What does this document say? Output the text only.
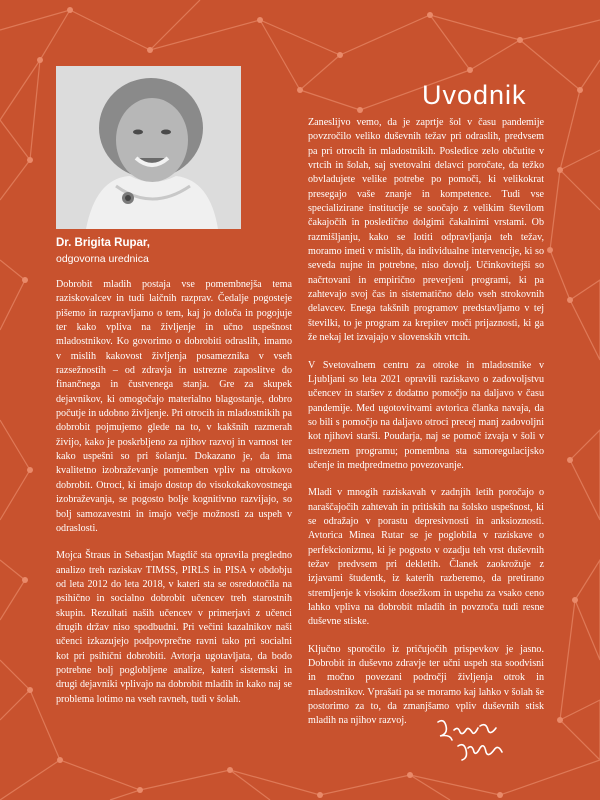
Dr. Brigita Rupar,
odgovorna urednica
Uvodnik

Dobrobit mladih postaja vse pomembnejša tema raziskovalcev in tudi laičnih razprav. Čedalje pogosteje pišemo in razpravljamo o tem, kaj jo določa in pogojuje ter kako vpliva na življenje in učno uspešnost mladostnikov. Ko govorimo o dobrobiti odraslih, imamo v mislih kakovost življenja posameznika v vseh razsežnostih – od zdravja in ustrezne zaposlitve do finančnega in čustvenega stanja. Gre za skupek dejavnikov, ki omogočajo materialno blagostanje, dobro počutje in udobno življenje. Pri otrocih in mladostnikih pa dobrobit pojmujemo glede na to, v kakšnih razmerah živijo, kako je poskrbljeno za njihov razvoj in varnost ter kako uspešni so pri šolanju. Dokazano je, da ima kvalitetno izobraževanje pomemben vpliv na otrokovo dobrobit. Otroci, ki imajo dostop do visokokakovostnega izobraževanja, se pogosto bolje kognitivno razvijajo, so bolj samozavestni in imajo večje možnosti za uspeh v odraslosti.

Mojca Štraus in Sebastjan Magdič sta opravila pregledno analizo treh raziskav TIMSS, PIRLS in PISA v obdobju od leta 2012 do leta 2018, v kateri sta se osredotočila na psihično in socialno dobrobit učencev treh starostnih skupin. Rezultati naših učencev v primerjavi z učenci drugih držav niso spodbudni. Pri večini kazalnikov naši učenci izkazujejo podpovprečne ravni tako pri socialni kot pri psihični dobrobiti. Avtorja ugotavljata, da bodo potrebne bolj poglobljene analize, kateri sistemski in drugi dejavniki vplivajo na dobrobit mladih in kako naj se problema lotimo na vseh ravneh, tudi v šolah.

Zaneslijvo vemo, da je zaprtje šol v času pandemije povzročilo veliko duševnih težav pri odraslih, predvsem pa pri otrocih in mladostnikih. Posledice zelo občutite v vrtcih in šolah, saj svetovalni delavci poročate, da težko obvladujete velike potrebe po pomoči, ki velikokrat presegajo vaše znanje in kompetence. Tudi vse specializirane institucije se soočajo z velikim številom čakajočih in posledično dolgimi čakalnimi vrstami. Ob razmišljanju, kako se lotiti odpravljanja teh težav, moramo imeti v mislih, da individualne intervencije, ki so seveda nujne in potrebne, niso dovolj. Učinkovitejši so načrtovani in empirično preverjeni programi, ki pa zahtevajo svoj čas in sistematično delo vseh strokovnih delavcev. Enega takšnih programov predstavljamo v tej številki, to je program za krepitev moči prijaznosti, ki ga že nekaj let izvajajo v slovenskih vrtcih.

V Svetovalnem centru za otroke in mladostnike v Ljubljani so leta 2021 opravili raziskavo o zadovoljstvu učencev in staršev z dodatno pomočjo na daljavo v času pandemije. Med ugotovitvami avtorica članka navaja, da so bili s pomočjo na daljavo otroci precej manj zadovoljni kot njihovi starši. Poudarja, naj se pomoč izvaja v šoli v ustreznem programu; pomembna sta samoregulacijsko učenje in medpredmetno povezovanje.

Mladi v mnogih raziskavah v zadnjih letih poročajo o naraščajočih zahtevah in pritiskih na šolsko uspešnost, ki se odražajo v porastu depresivnosti in anksioznosti. Avtorica Minea Rutar se je poglobila v raziskave o perfekcionizmu, ki je pogosto v ozadju teh vrst duševnih težav predvsem pri dekletih. Članek zaokrožuje z izjavami študentk, iz katerih razberemo, da pretirano stremljenje k visokim dosežkom in uspehu za vsako ceno lahko vpliva na dobrobit mladih in povzroča tudi resne duševne stiske.

Ključno sporočilo iz pričujočih prispevkov je jasno. Dobrobit in duševno zdravje ter učni uspeh sta soodvisni in močno povezani področji življenja otrok in mladostnikov. Vprašati pa se moramo kaj lahko v šolah še postorimo za to, da zmanjšamo vpliv duševnih stisk mladih na njihov razvoj.
